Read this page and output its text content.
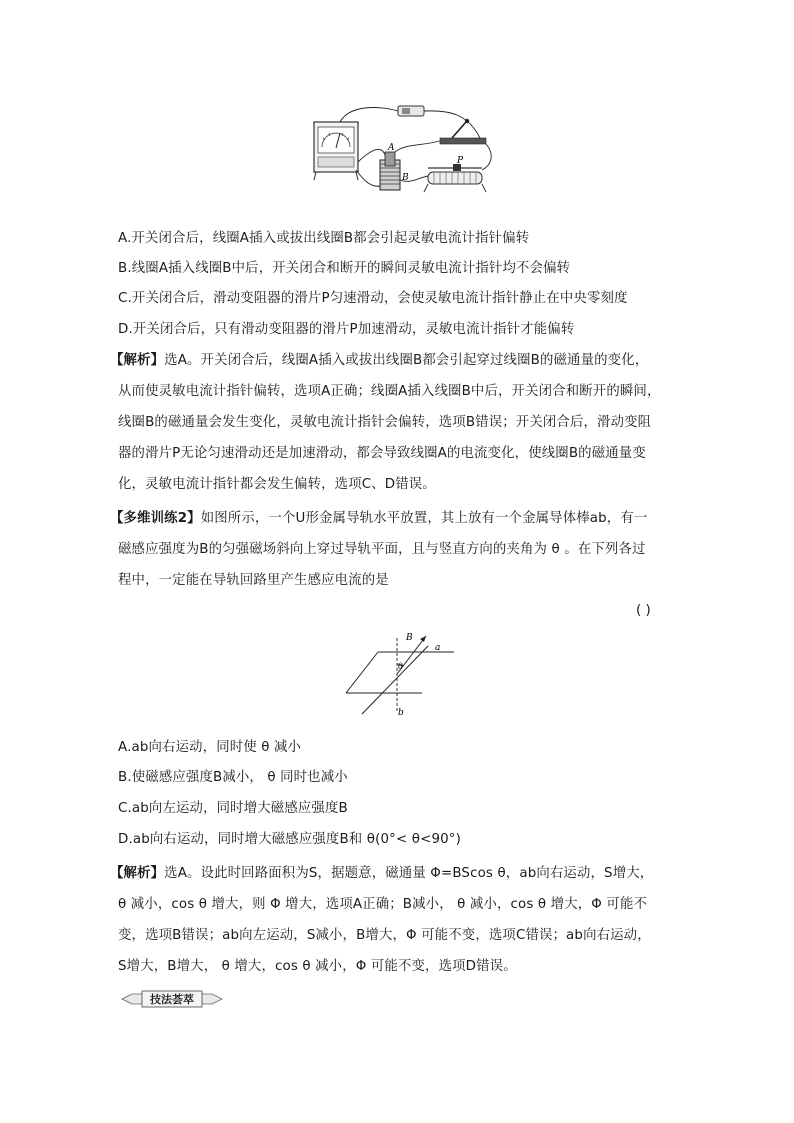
A
B
P
A.开关闭合后，线圈A插入或拔出线圈B都会引起灵敏电流计指针偏转
B.线圈A插入线圈B中后，开关闭合和断开的瞬间灵敏电流计指针均不会偏转
C.开关闭合后，滑动变阻器的滑片P匀速滑动，会使灵敏电流计指针静止在中央零刻度
D.开关闭合后，只有滑动变阻器的滑片P加速滑动，灵敏电流计指针才能偏转
【解析】选A。开关闭合后，线圈A插入或拔出线圈B都会引起穿过线圈B的磁通量的变化，
从而使灵敏电流计指针偏转，选项A正确；线圈A插入线圈B中后，开关闭合和断开的瞬间，
线圈B的磁通量会发生变化，灵敏电流计指针会偏转，选项B错误；开关闭合后，滑动变阻
器的滑片P无论匀速滑动还是加速滑动，都会导致线圈A的电流变化，使线圈B的磁通量变
化，灵敏电流计指针都会发生偏转，选项C、D错误。
【多维训练2】如图所示，一个U形金属导轨水平放置，其上放有一个金属导体棒ab，有一
磁感应强度为B的匀强磁场斜向上穿过导轨平面，且与竖直方向的夹角为 θ 。在下列各过
程中，一定能在导轨回路里产生感应电流的是
( )
B
a
b
θ
A.ab向右运动，同时使 θ 减小
B.使磁感应强度B减小， θ 同时也减小
C.ab向左运动，同时增大磁感应强度B
D.ab向右运动，同时增大磁感应强度B和 θ(0°< θ<90°)
【解析】选A。设此时回路面积为S，据题意，磁通量 Φ=BScos θ，ab向右运动，S增大，
θ 减小，cos θ 增大，则 Φ 增大，选项A正确；B减小， θ 减小，cos θ 增大，Φ 可能不
变，选项B错误；ab向左运动，S减小，B增大，Φ 可能不变，选项C错误；ab向右运动，
S增大，B增大， θ 增大，cos θ 减小，Φ 可能不变，选项D错误。
技法荟萃
